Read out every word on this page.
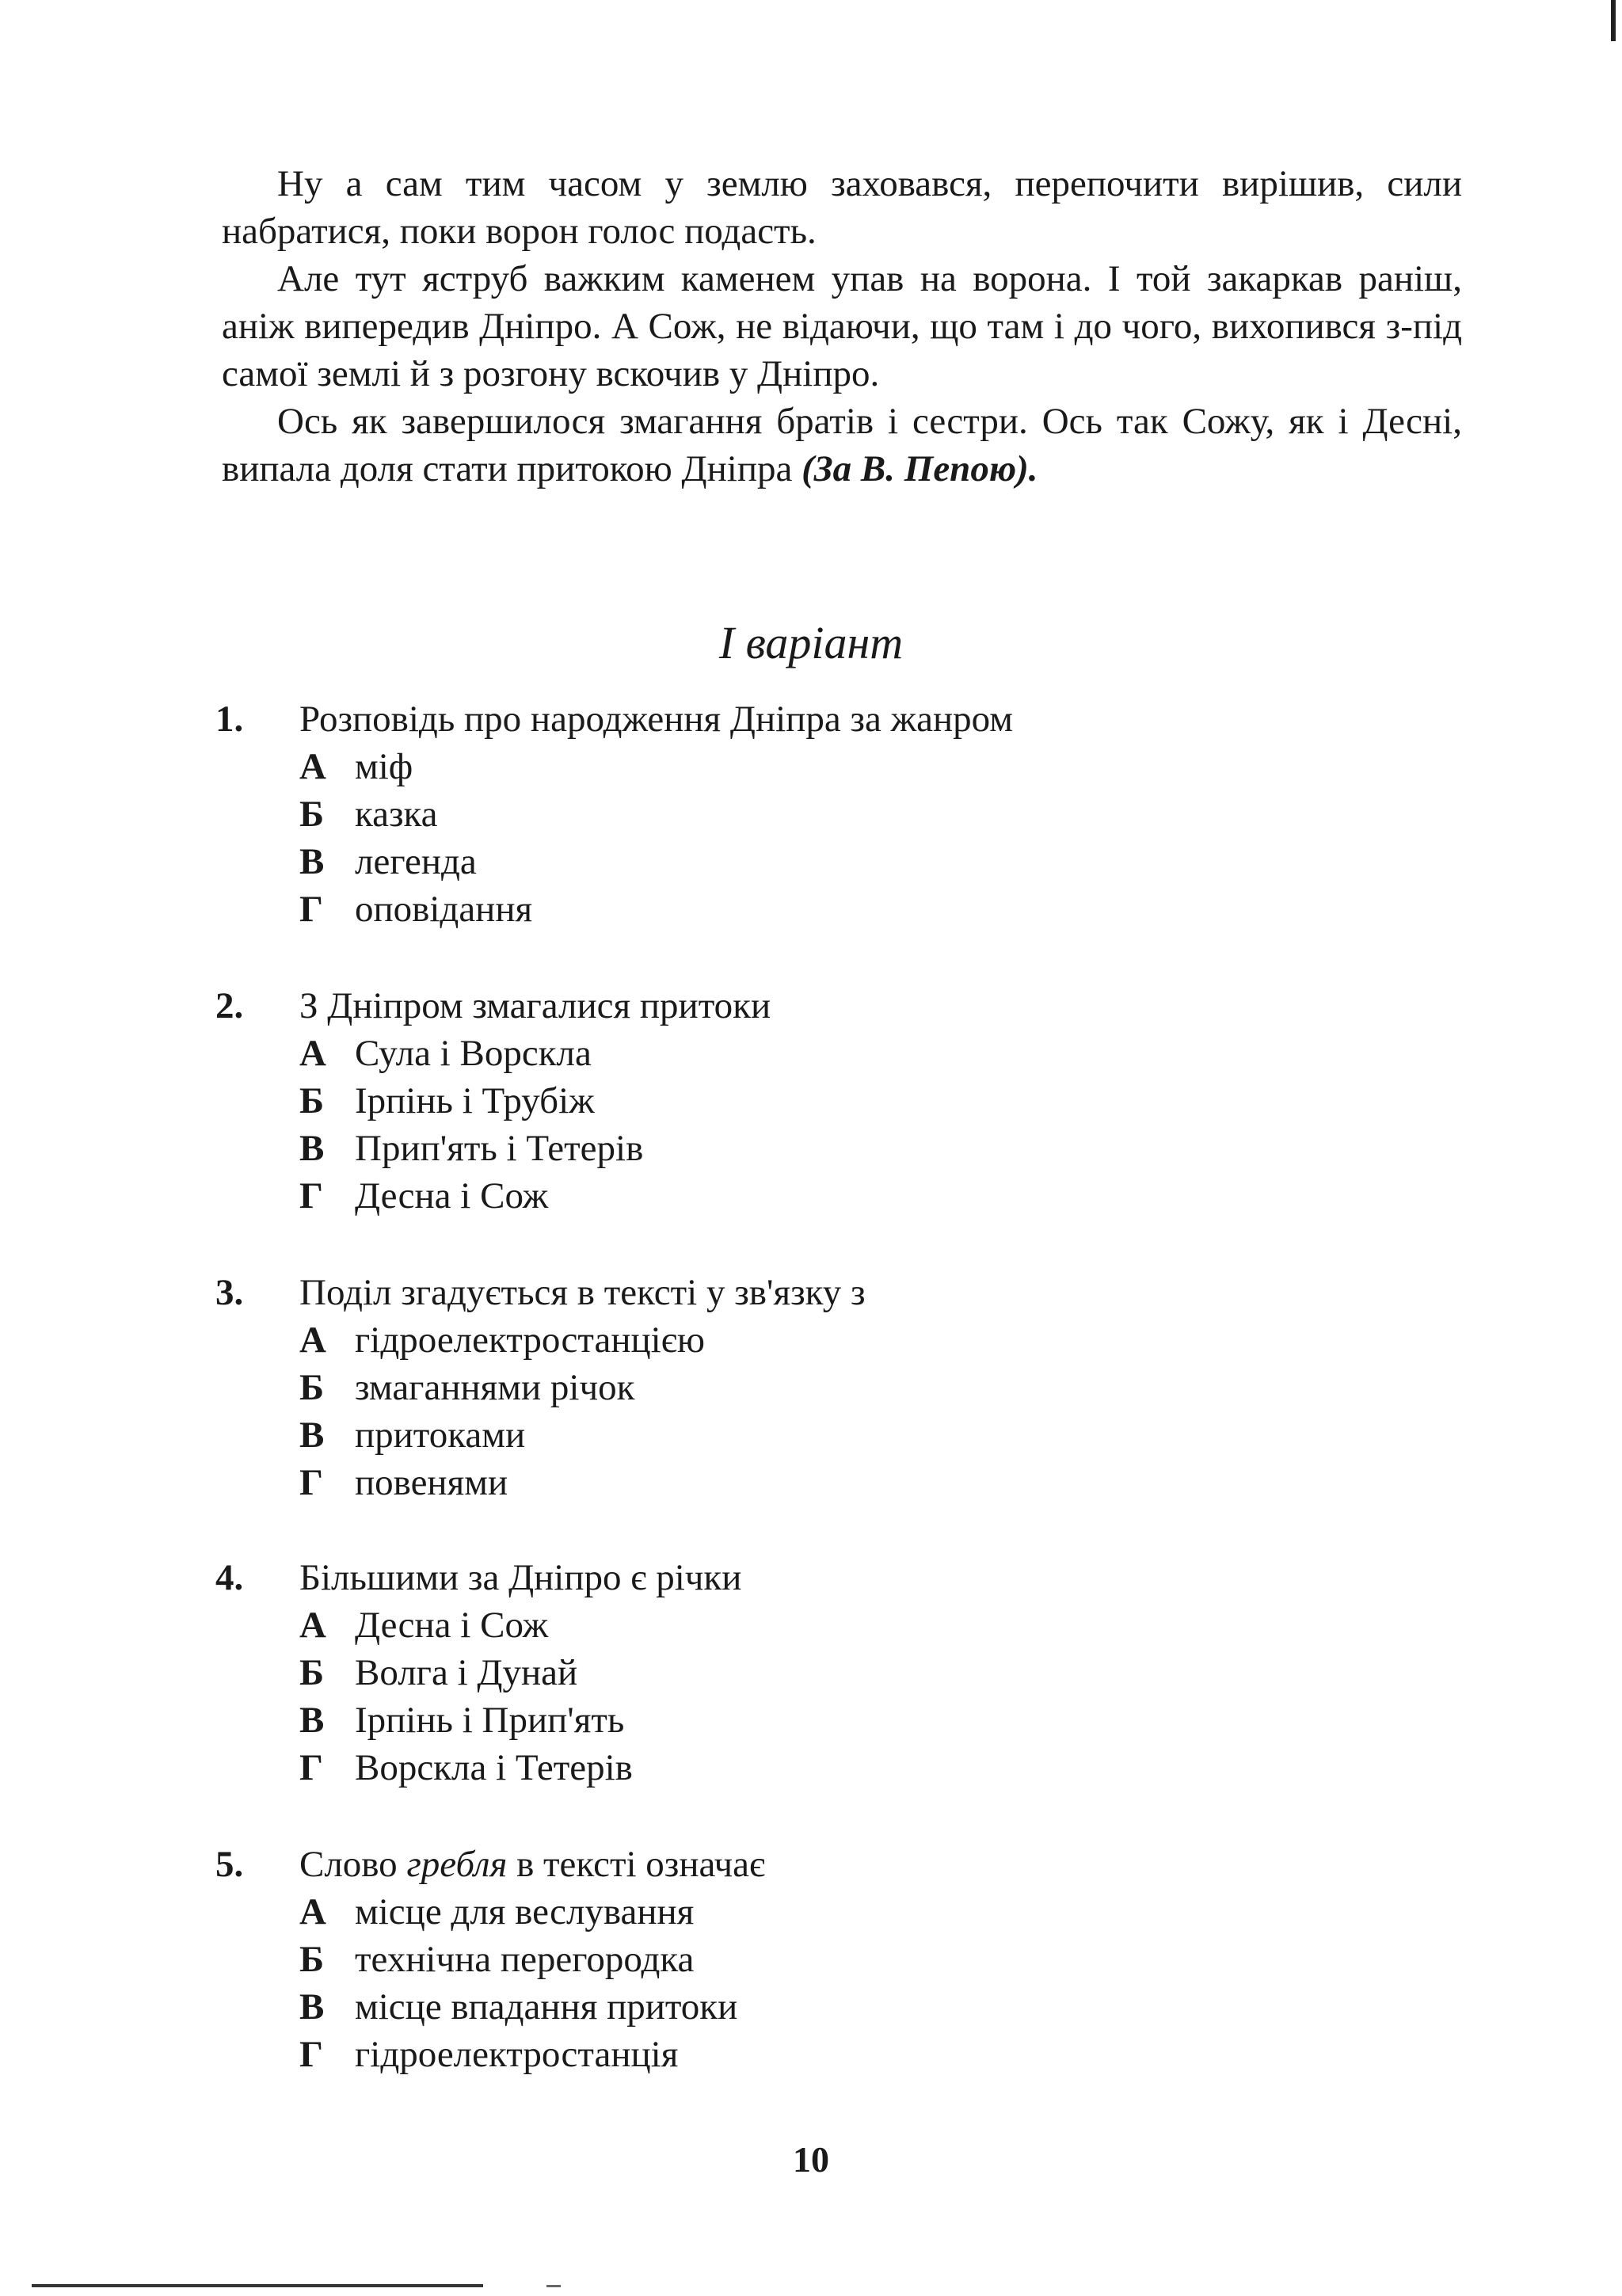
Ну а сам тим часом у землю заховався, перепочити вирішив, сили набратися, поки ворон голос подасть.

Але тут яструб важким каменем упав на ворона. І той закаркав раніш, аніж випередив Дніпро. А Сож, не відаючи, що там і до чого, вихопився з-під самої землі й з розгону вскочив у Дніпро.

Ось як завершилося змагання братів і сестри. Ось так Сожу, як і Десні, випала доля стати притокою Дніпра (За В. Пепою).

I варіант
1. Розповідь про народження Дніпра за жанром
А міф
Б казка
В легенда
Г оповідання
2. З Дніпром змагалися притоки
А Сула і Ворскла
Б Ірпінь і Трубіж
В Прип'ять і Тетерів
Г Десна і Сож
3. Поділ згадується в тексті у зв'язку з
А гідроелектростанцією
Б змаганнями річок
В притоками
Г повенями
4. Більшими за Дніпро є річки
А Десна і Сож
Б Волга і Дунай
В Ірпінь і Прип'ять
Г Ворскла і Тетерів
5. Слово гребля в тексті означає
А місце для веслування
Б технічна перегородка
В місце впадання притоки
Г гідроелектростанція
10
